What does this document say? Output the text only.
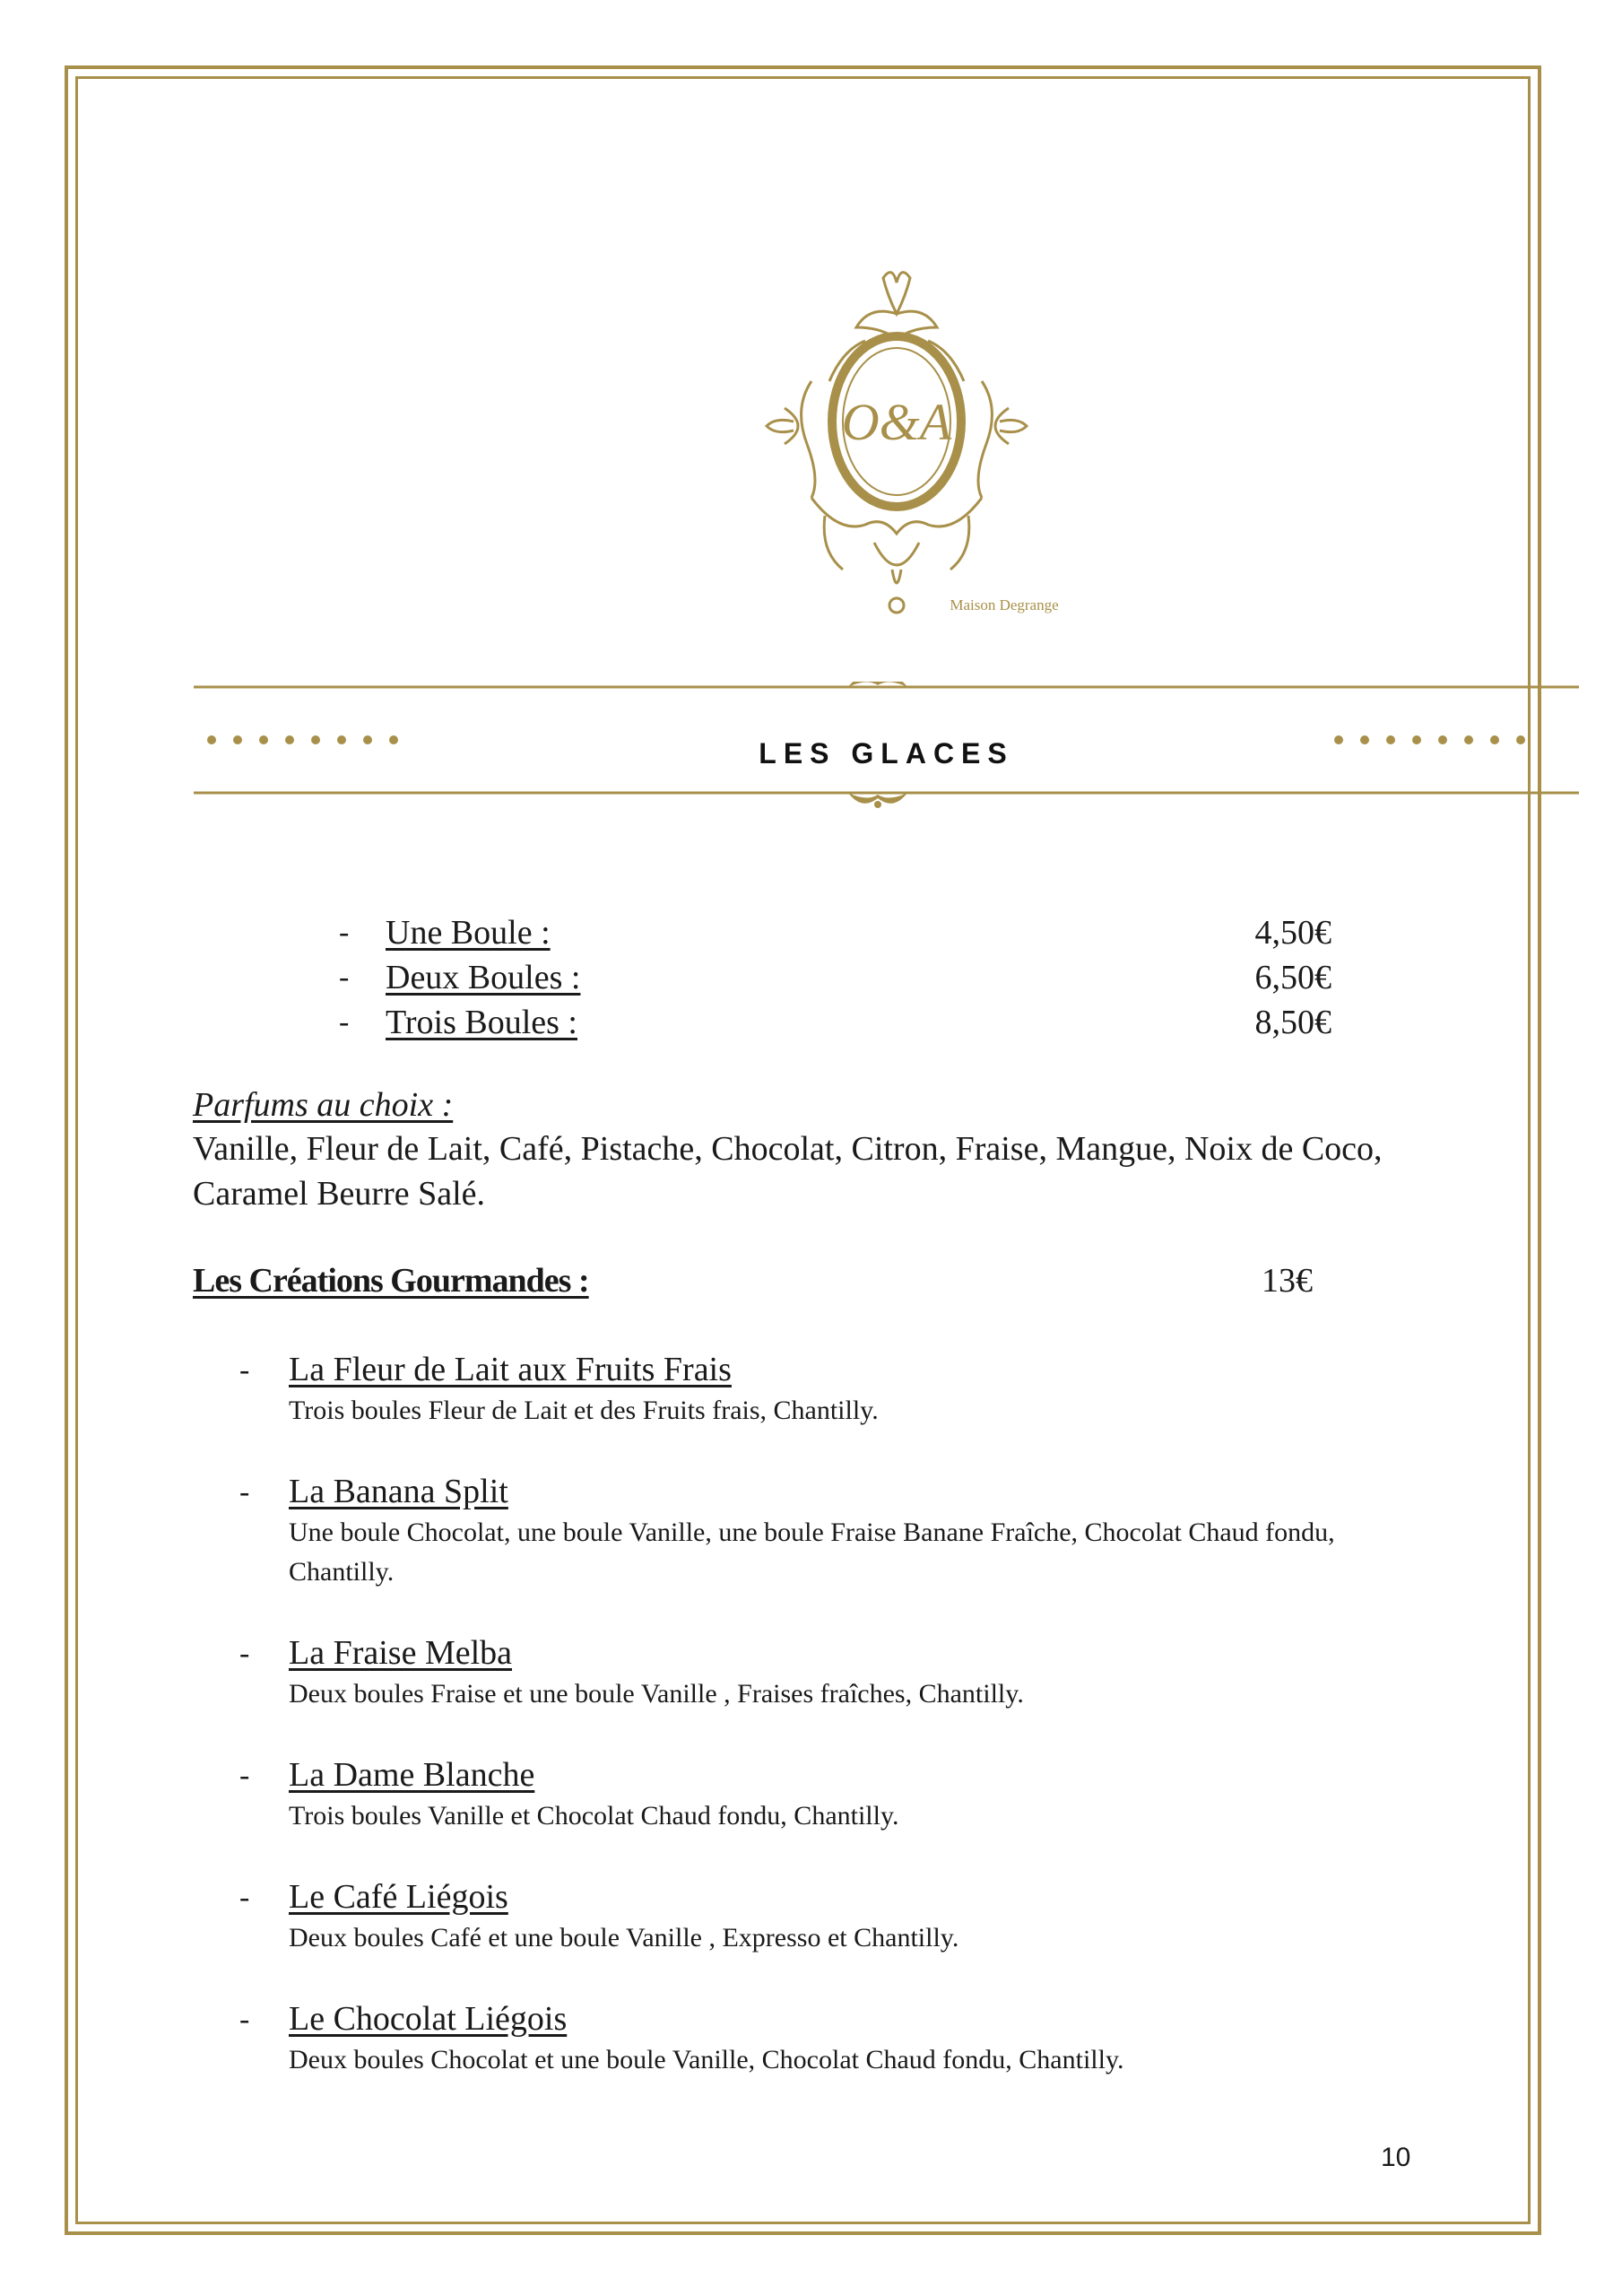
O&A
Maison Degrange
LES GLACES
- Une Boule :	4,50€
- Deux Boules :	6,50€
- Trois Boules :	8,50€
Parfums au choix :
Vanille, Fleur de Lait, Café, Pistache, Chocolat, Citron, Fraise, Mangue, Noix de Coco, Caramel Beurre Salé.
Les Créations Gourmandes :	13€
-	La Fleur de Lait aux Fruits Frais
Trois boules Fleur de Lait et des Fruits frais, Chantilly.
-	La Banana Split
Une boule Chocolat, une boule Vanille, une boule Fraise Banane Fraîche, Chocolat Chaud fondu, Chantilly.
-	La Fraise Melba
Deux boules Fraise et une boule Vanille , Fraises fraîches, Chantilly.
-	La Dame Blanche
Trois boules Vanille et Chocolat Chaud fondu, Chantilly.
-	Le Café Liégois
Deux boules Café et une boule Vanille , Expresso et Chantilly.
-	Le Chocolat Liégois
Deux boules Chocolat et une boule Vanille, Chocolat Chaud fondu, Chantilly.
10
